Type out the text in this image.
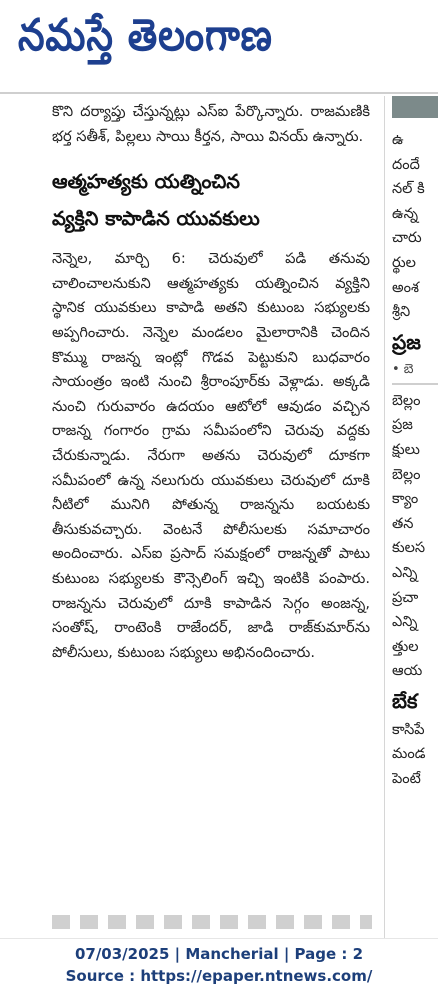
నమస్తే తెలంగాణ

కొని దర్యాప్తు చేస్తున్నట్లు ఎస్ఐ పేర్కొన్నారు. రాజమణికి భర్త సతీశ్, పిల్లలు సాయి కీర్తన, సాయి వినయ్ ఉన్నారు.

ఆత్మహత్యకు యత్నించిన
వ్యక్తిని కాపాడిన యువకులు

నెన్నెల, మార్చి 6: చెరువులో పడి తనువు చాలించాలనుకుని ఆత్మహత్యకు యత్నించిన వ్యక్తిని స్థానిక యువకులు కాపాడి అతని కుటుంబ సభ్యులకు అప్పగించారు. నెన్నెల మండలం మైలారానికి చెందిన కొమ్ము రాజన్న ఇంట్లో గొడవ పెట్టుకుని బుధవారం సాయంత్రం ఇంటి నుంచి శ్రీరాంపూర్‌కు వెళ్లాడు. అక్కడి నుంచి గురువారం ఉదయం ఆటోలో ఆవుడం వచ్చిన రాజన్న గంగారం గ్రామ సమీపంలోని చెరువు వద్దకు చేరుకున్నాడు. నేరుగా అతను చెరువులో దూకగా సమీపంలో ఉన్న నలుగురు యువకులు చెరువులో దూకి నీటిలో మునిగి పోతున్న రాజన్నను బయటకు తీసుకువచ్చారు. వెంటనే పోలీసులకు సమాచారం అందించారు. ఎస్ఐ ప్రసాద్ సమక్షంలో రాజన్నతో పాటు కుటుంబ సభ్యులకు కౌన్సెలింగ్ ఇచ్చి ఇంటికి పంపారు. రాజన్నను చెరువులో దూకి కాపాడిన సెగ్గం అంజన్న, సంతోష్, రాంటెంకి రాజేందర్, జాడి రాజ్‌కుమార్‌ను పోలీసులు, కుటుంబ సభ్యులు అభినందించారు.

ఉ
దందే
నల్ కి
ఉన్న
చారు
ర్థుల
అంశ
శ్రీని
ప్రజ
• బె
బెల్లం
ప్రజ
క్షులు
బెల్లం
క్యాం
తన
కులస
ఎన్ని
ప్రచా
ఎన్ని
త్తుల
ఆయ
బేక
కాసిపే
మండ
పెంటే
07/03/2025 | Mancherial | Page : 2
Source : https://epaper.ntnews.com/
